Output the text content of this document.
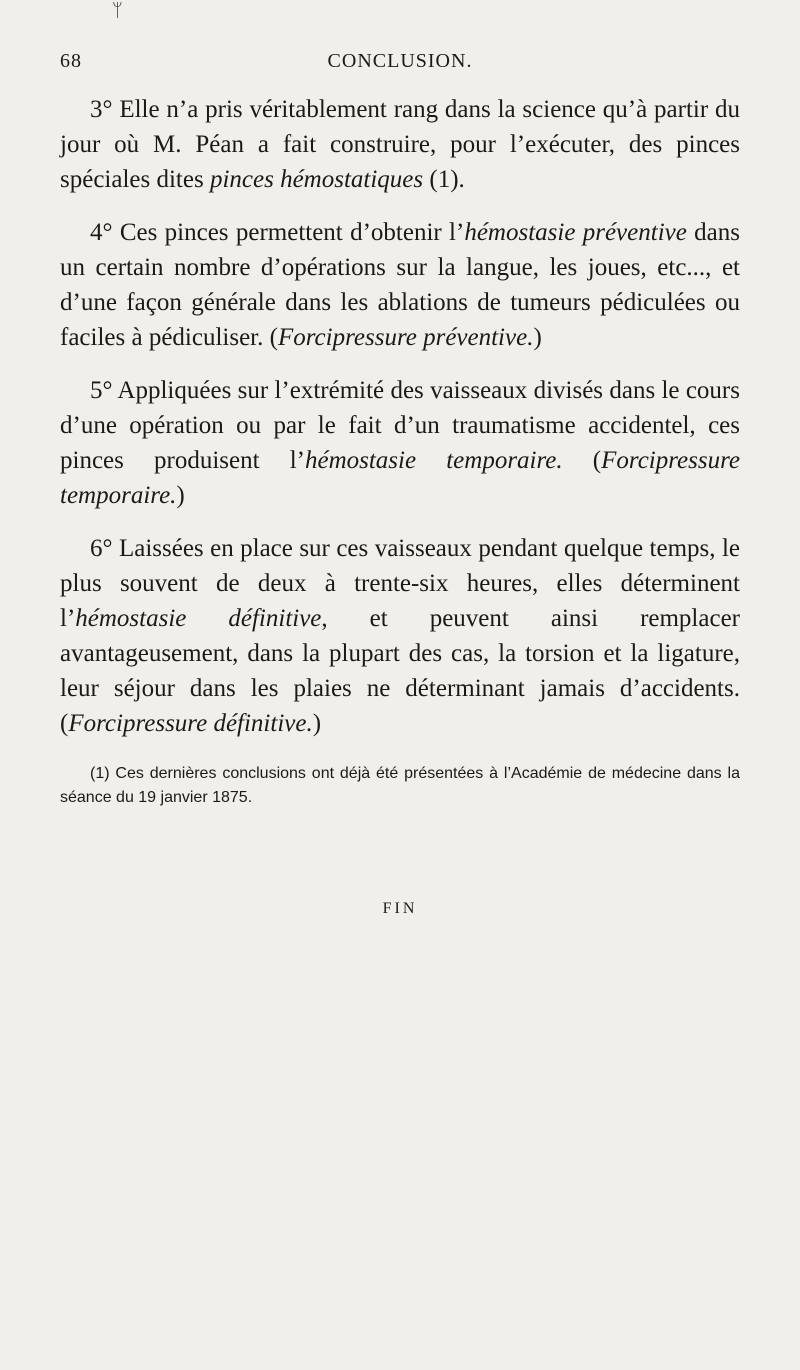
ᛘ
68	CONCLUSION.

3° Elle n’a pris véritablement rang dans la science qu’à partir du jour où M. Péan a fait construire, pour l’exécuter, des pinces spéciales dites pinces hémostatiques (1).

4° Ces pinces permettent d’obtenir l’hémostasie préventive dans un certain nombre d’opérations sur la langue, les joues, etc..., et d’une façon générale dans les ablations de tumeurs pédiculées ou faciles à pédiculiser. (Forcipressure préventive.)

5° Appliquées sur l’extrémité des vaisseaux divisés dans le cours d’une opération ou par le fait d’un traumatisme accidentel, ces pinces produisent l’hémostasie temporaire. (Forcipressure temporaire.)

6° Laissées en place sur ces vaisseaux pendant quelque temps, le plus souvent de deux à trente-six heures, elles déterminent l’hémostasie définitive, et peuvent ainsi remplacer avantageusement, dans la plupart des cas, la torsion et la ligature, leur séjour dans les plaies ne déterminant jamais d’accidents. (Forcipressure définitive.)

(1) Ces dernières conclusions ont déjà été présentées à l’Académie de médecine dans la séance du 19 janvier 1875.
FIN
